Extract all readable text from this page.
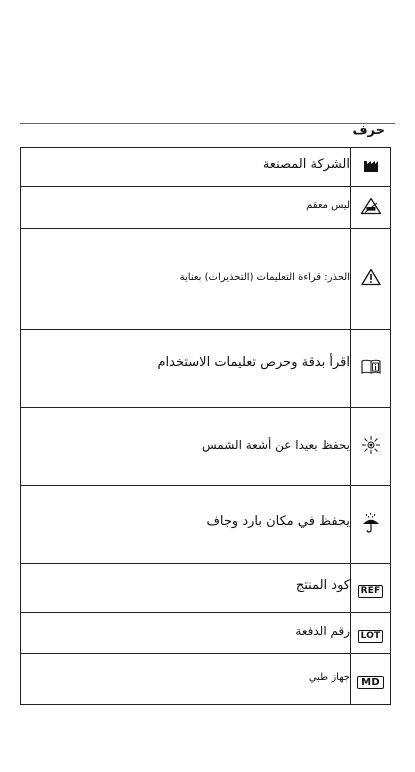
حرف
الشركة المصنعة

ليس معقم

الحذر: قراءة التعليمات (التحذيرات) بعناية

اقرأ بدقة وحرص تعليمات الاستخدام

يحفظ بعيدا عن أشعة الشمس

يحفظ في مكان بارد وجاف

كود المنتج	REF

رقم الدفعة	LOT

جهاز طبي	MD
